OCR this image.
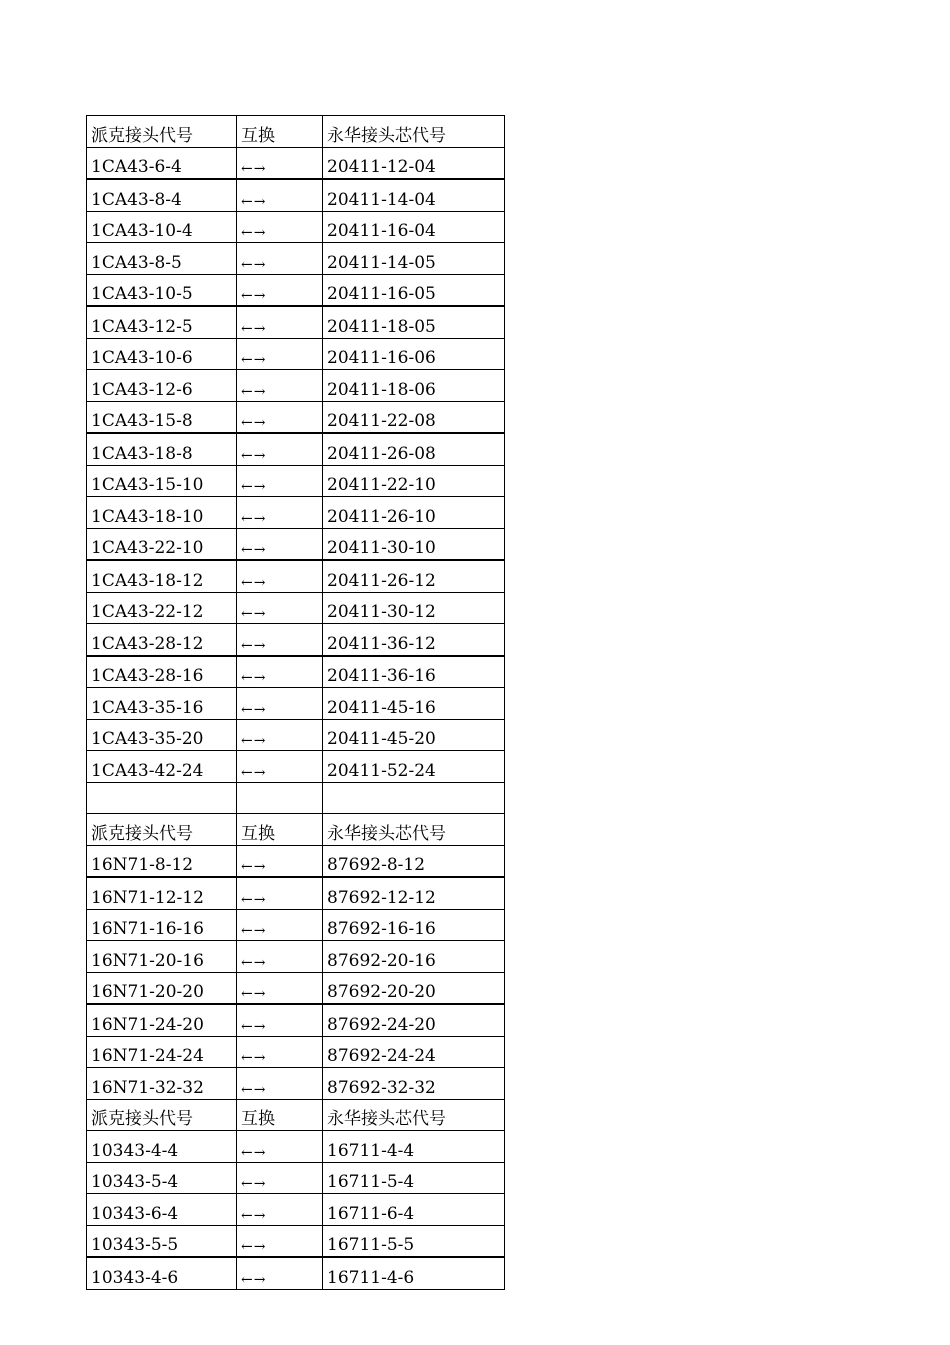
派克接头代号	互换	永华接头芯代号
1CA43-6-4	←→	20411-12-04
1CA43-8-4	←→	20411-14-04
1CA43-10-4	←→	20411-16-04
1CA43-8-5	←→	20411-14-05
1CA43-10-5	←→	20411-16-05
1CA43-12-5	←→	20411-18-05
1CA43-10-6	←→	20411-16-06
1CA43-12-6	←→	20411-18-06
1CA43-15-8	←→	20411-22-08
1CA43-18-8	←→	20411-26-08
1CA43-15-10	←→	20411-22-10
1CA43-18-10	←→	20411-26-10
1CA43-22-10	←→	20411-30-10
1CA43-18-12	←→	20411-26-12
1CA43-22-12	←→	20411-30-12
1CA43-28-12	←→	20411-36-12
1CA43-28-16	←→	20411-36-16
1CA43-35-16	←→	20411-45-16
1CA43-35-20	←→	20411-45-20
1CA43-42-24	←→	20411-52-24

派克接头代号	互换	永华接头芯代号
16N71-8-12	←→	87692-8-12
16N71-12-12	←→	87692-12-12
16N71-16-16	←→	87692-16-16
16N71-20-16	←→	87692-20-16
16N71-20-20	←→	87692-20-20
16N71-24-20	←→	87692-24-20
16N71-24-24	←→	87692-24-24
16N71-32-32	←→	87692-32-32
派克接头代号	互换	永华接头芯代号
10343-4-4	←→	16711-4-4
10343-5-4	←→	16711-5-4
10343-6-4	←→	16711-6-4
10343-5-5	←→	16711-5-5
10343-4-6	←→	16711-4-6
